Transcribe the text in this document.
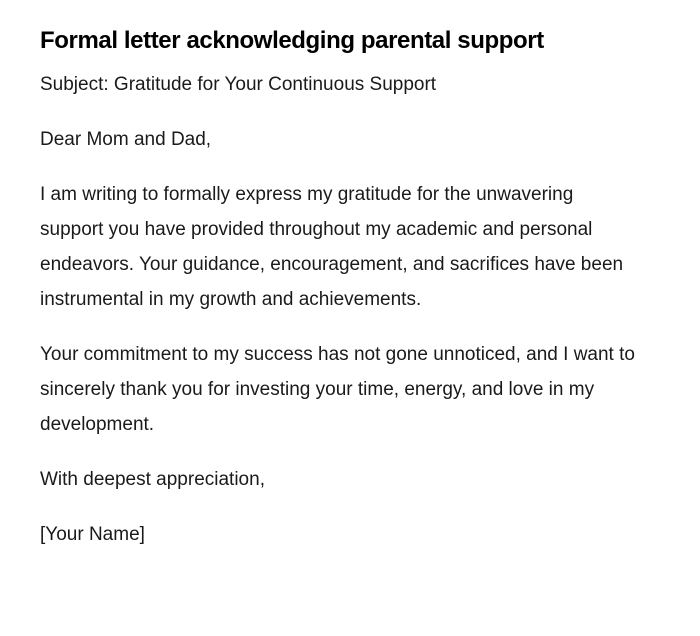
Formal letter acknowledging parental support

Subject: Gratitude for Your Continuous Support

Dear Mom and Dad,

I am writing to formally express my gratitude for the unwavering support you have provided throughout my academic and personal endeavors. Your guidance, encouragement, and sacrifices have been instrumental in my growth and achievements.

Your commitment to my success has not gone unnoticed, and I want to sincerely thank you for investing your time, energy, and love in my development.

With deepest appreciation,

[Your Name]
